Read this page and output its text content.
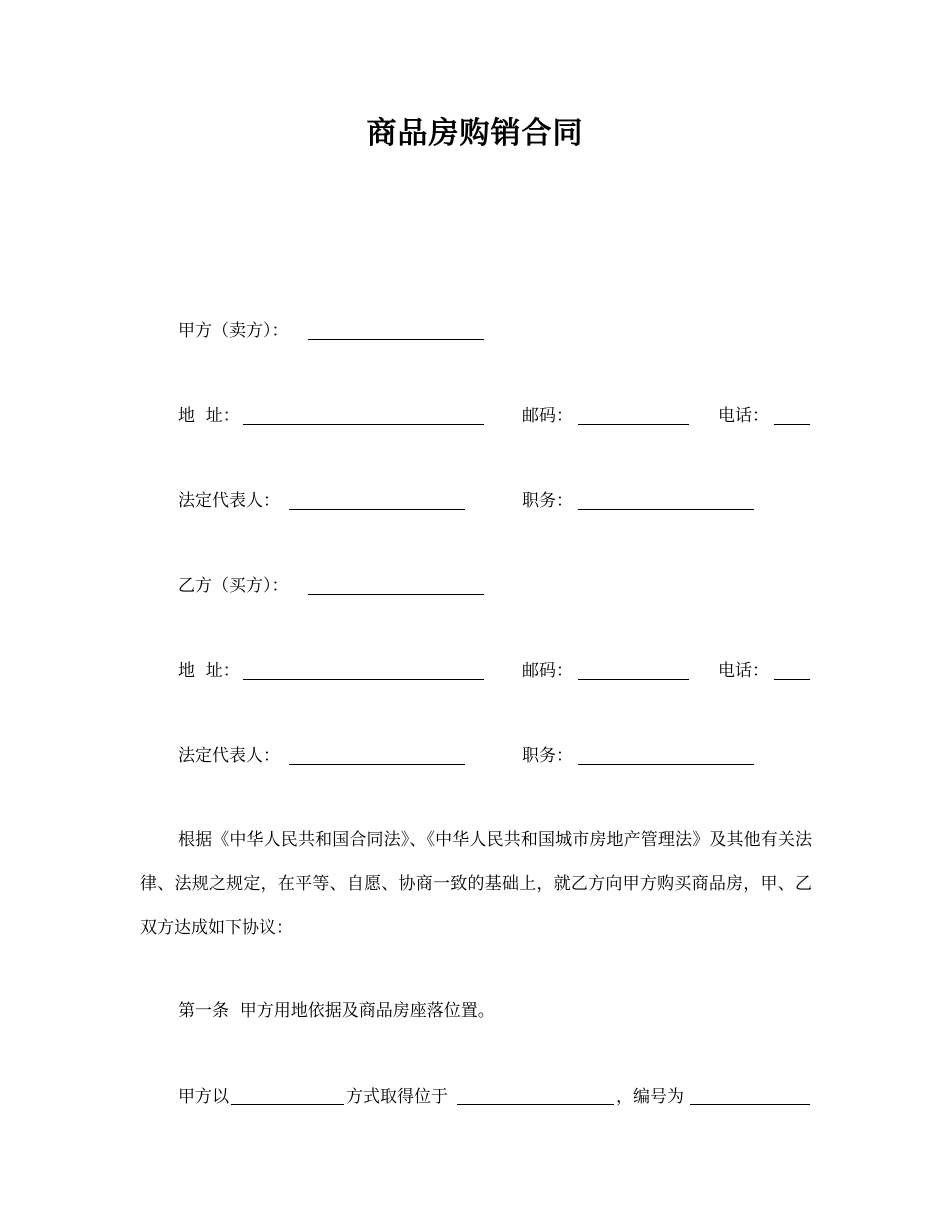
商品房购销合同
甲方（卖方）：
地  址：	邮码：	电话：
法定代表人：	职务：
乙方（买方）：
地  址：	邮码：	电话：
法定代表人：	职务：
根据《中华人民共和国合同法》、《中华人民共和国城市房地产管理法》及其他有关法律、法规之规定，在平等、自愿、协商一致的基础上，就乙方向甲方购买商品房，甲、乙双方达成如下协议：
第一条  甲方用地依据及商品房座落位置。
甲方以	方式取得位于	，编号为
